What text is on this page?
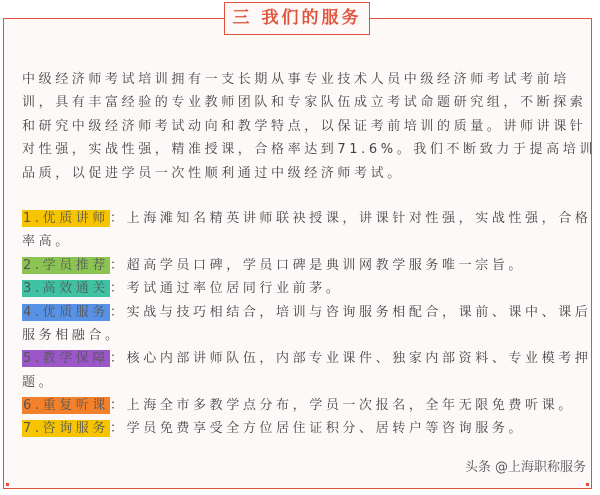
三 我们的服务
中级经济师考试培训拥有一支长期从事专业技术人员中级经济师考试考前培
训，具有丰富经验的专业教师团队和专家队伍成立考试命题研究组，不断探索
和研究中级经济师考试动向和教学特点，以保证考前培训的质量。讲师讲课针
对性强，实战性强，精准授课，合格率达到71.6%。我们不断致力于提高培训
品质，以促进学员一次性顺利通过中级经济师考试。
1.优质讲师：上海滩知名精英讲师联袂授课，讲课针对性强，实战性强，合格
率高。
2.学员推荐：超高学员口碑，学员口碑是典训网教学服务唯一宗旨。
3.高效通关：考试通过率位居同行业前茅。
4.优质服务：实战与技巧相结合，培训与咨询服务相配合，课前、课中、课后
服务相融合。
5.教学保障：核心内部讲师队伍，内部专业课件、独家内部资料、专业模考押
题。
6.重复听课：上海全市多教学点分布，学员一次报名，全年无限免费听课。
7.咨询服务：学员免费享受全方位居住证积分、居转户等咨询服务。
头条 @上海职称服务
